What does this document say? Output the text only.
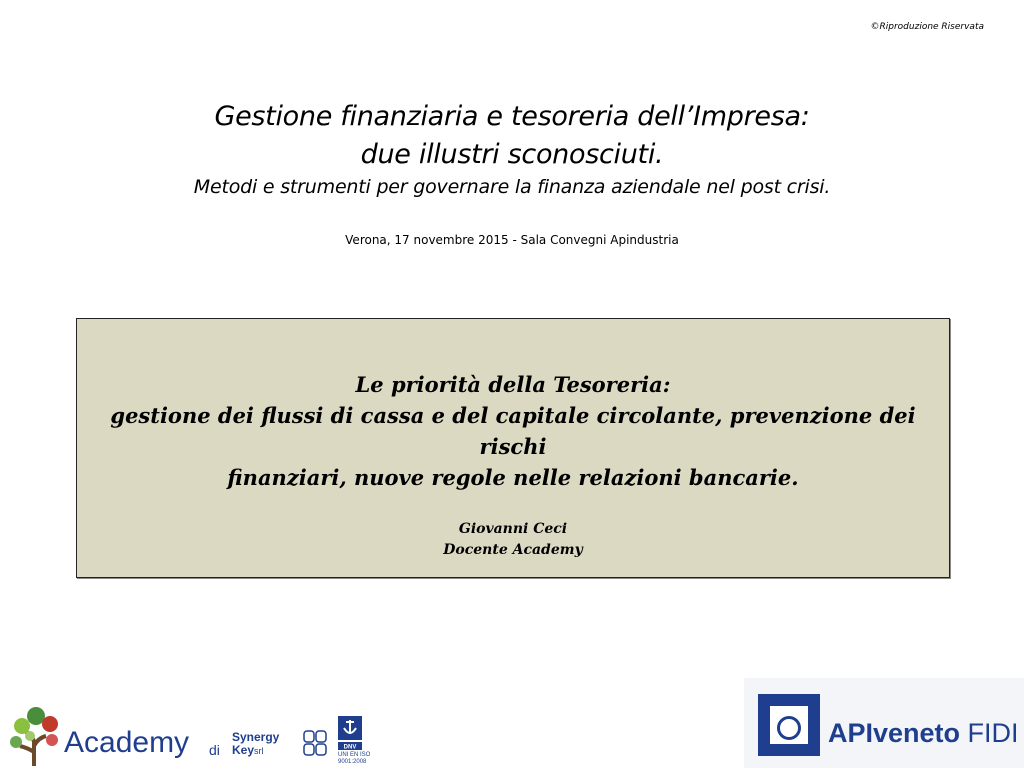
©Riproduzione Riservata
Gestione finanziaria e tesoreria dell’Impresa:
due illustri sconosciuti.
Metodi e strumenti per governare la finanza aziendale nel post crisi.
Verona, 17 novembre 2015 - Sala Convegni Apindustria
Le priorità della Tesoreria:
gestione dei flussi di cassa e del capitale circolante, prevenzione dei rischi
finanziari, nuove regole nelle relazioni bancarie.
Giovanni Ceci
Docente Academy
Academy di
Synergy
Keysrl	DNV
UNI EN ISO
9001:2008
APIveneto FIDI
